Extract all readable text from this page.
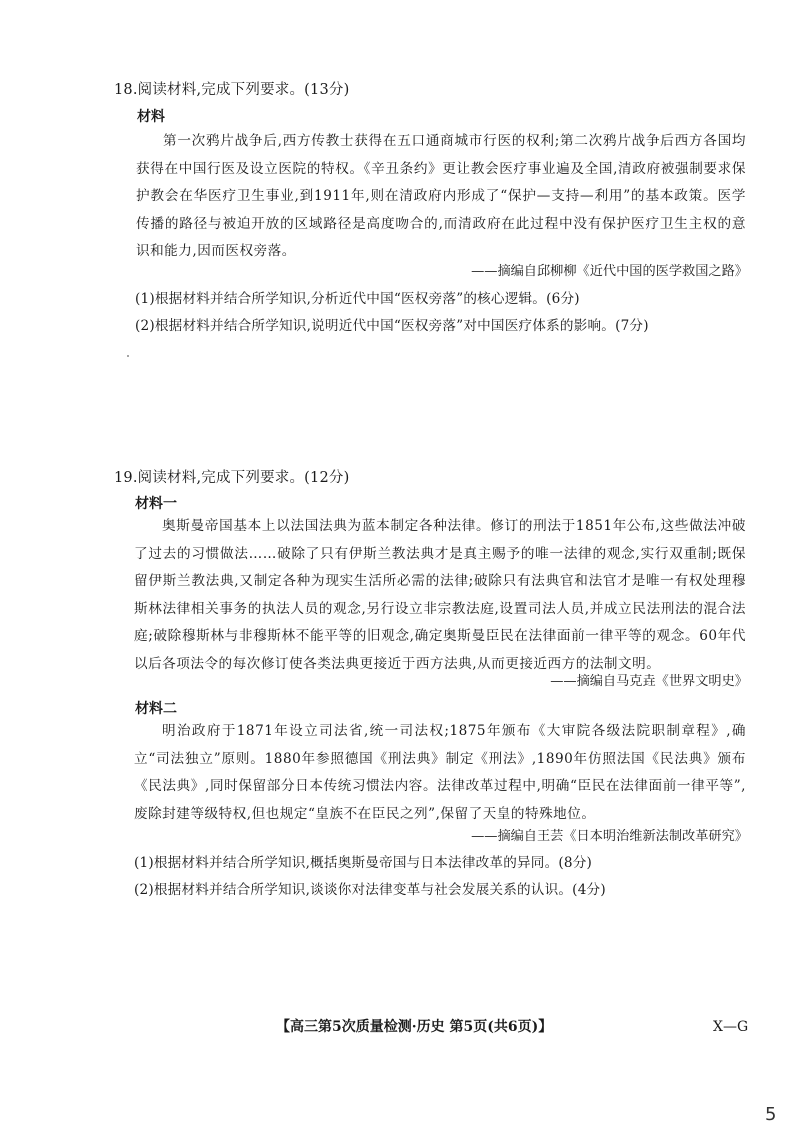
18.阅读材料,完成下列要求。(13分)
材料
第一次鸦片战争后,西方传教士获得在五口通商城市行医的权利;第二次鸦片战争后西方各国均获得在中国行医及设立医院的特权。《辛丑条约》更让教会医疗事业遍及全国,清政府被强制要求保护教会在华医疗卫生事业,到1911年,则在清政府内形成了“保护—支持—利用”的基本政策。医学传播的路径与被迫开放的区域路径是高度吻合的,而清政府在此过程中没有保护医疗卫生主权的意识和能力,因而医权旁落。
——摘编自邱柳柳《近代中国的医学救国之路》
(1)根据材料并结合所学知识,分析近代中国“医权旁落”的核心逻辑。(6分)
(2)根据材料并结合所学知识,说明近代中国“医权旁落”对中国医疗体系的影响。(7分)
19.阅读材料,完成下列要求。(12分)
材料一
奥斯曼帝国基本上以法国法典为蓝本制定各种法律。修订的刑法于1851年公布,这些做法冲破了过去的习惯做法……破除了只有伊斯兰教法典才是真主赐予的唯一法律的观念,实行双重制;既保留伊斯兰教法典,又制定各种为现实生活所必需的法律;破除只有法典官和法官才是唯一有权处理穆斯林法律相关事务的执法人员的观念,另行设立非宗教法庭,设置司法人员,并成立民法刑法的混合法庭;破除穆斯林与非穆斯林不能平等的旧观念,确定奥斯曼臣民在法律面前一律平等的观念。60年代以后各项法令的每次修订使各类法典更接近于西方法典,从而更接近西方的法制文明。
——摘编自马克垚《世界文明史》
材料二
明治政府于1871年设立司法省,统一司法权;1875年颁布《大审院各级法院职制章程》,确立“司法独立”原则。1880年参照德国《刑法典》制定《刑法》,1890年仿照法国《民法典》颁布《民法典》,同时保留部分日本传统习惯法内容。法律改革过程中,明确“臣民在法律面前一律平等”,废除封建等级特权,但也规定“皇族不在臣民之列”,保留了天皇的特殊地位。
——摘编自王芸《日本明治维新法制改革研究》
(1)根据材料并结合所学知识,概括奥斯曼帝国与日本法律改革的异同。(8分)
(2)根据材料并结合所学知识,谈谈你对法律变革与社会发展关系的认识。(4分)
【高三第5次质量检测·历史 第5页(共6页)】	X—G
5
